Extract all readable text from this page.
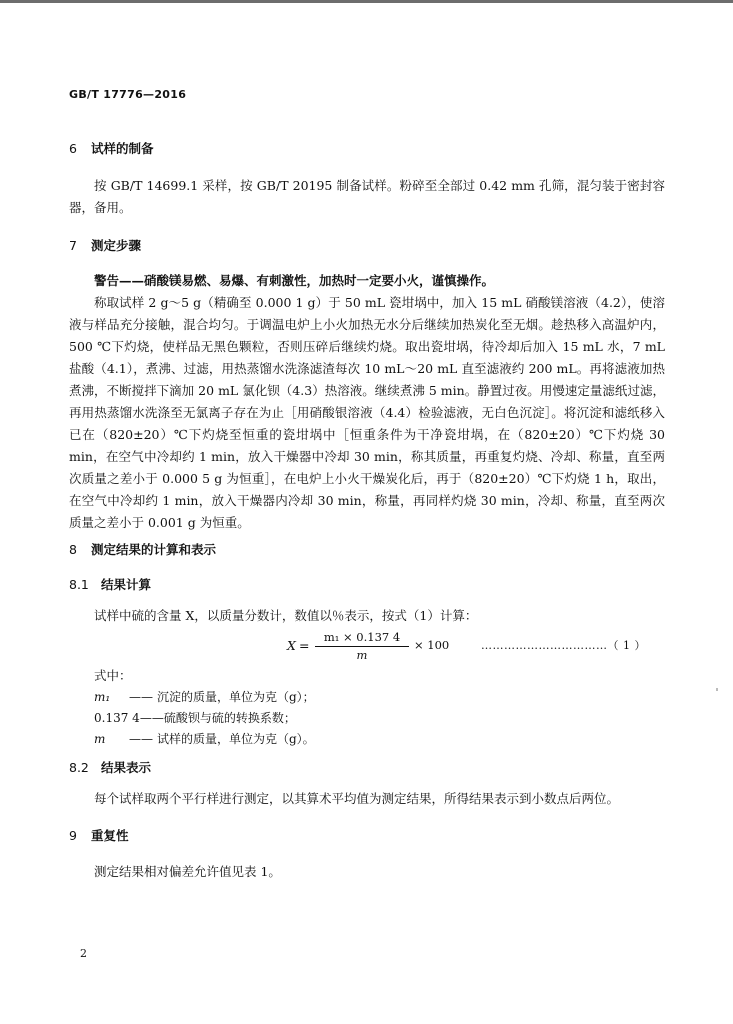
GB/T 17776—2016
6 试样的制备
按 GB/T 14699.1 采样，按 GB/T 20195 制备试样。粉碎至全部过 0.42 mm 孔筛，混匀装于密封容器，备用。
7 测定步骤
警告——硝酸镁易燃、易爆、有刺激性，加热时一定要小火，谨慎操作。
称取试样 2 g～5 g（精确至 0.000 1 g）于 50 mL 瓷坩埚中，加入 15 mL 硝酸镁溶液（4.2），使溶液与样品充分接触，混合均匀。于调温电炉上小火加热无水分后继续加热炭化至无烟。趁热移入高温炉内，500 ℃下灼烧，使样品无黑色颗粒，否则压碎后继续灼烧。取出瓷坩埚，待冷却后加入 15 mL 水，7 mL 盐酸（4.1），煮沸、过滤，用热蒸馏水洗涤滤渣每次 10 mL～20 mL 直至滤液约 200 mL。再将滤液加热煮沸，不断搅拌下滴加 20 mL 氯化钡（4.3）热溶液。继续煮沸 5 min。静置过夜。用慢速定量滤纸过滤，再用热蒸馏水洗涤至无氯离子存在为止［用硝酸银溶液（4.4）检验滤液，无白色沉淀］。将沉淀和滤纸移入已在（820±20）℃下灼烧至恒重的瓷坩埚中［恒重条件为干净瓷坩埚，在（820±20）℃下灼烧 30 min，在空气中冷却约 1 min，放入干燥器中冷却 30 min，称其质量，再重复灼烧、冷却、称量，直至两次质量之差小于 0.000 5 g 为恒重］，在电炉上小火干燥炭化后，再于（820±20）℃下灼烧 1 h，取出，在空气中冷却约 1 min，放入干燥器内冷却 30 min，称量，再同样灼烧 30 min，冷却、称量，直至两次质量之差小于 0.001 g 为恒重。
8 测定结果的计算和表示
8.1 结果计算
试样中硫的含量 X，以质量分数计，数值以％表示，按式（1）计算：
X =
m₁ × 0.137 4
m
× 100	……………………………（ 1 ）
式中：
m₁ —— 沉淀的质量，单位为克（g）；
0.137 4——硫酸钡与硫的转换系数；
m —— 试样的质量，单位为克（g）。
8.2 结果表示
每个试样取两个平行样进行测定，以其算术平均值为测定结果，所得结果表示到小数点后两位。
9 重复性
测定结果相对偏差允许值见表 1。
2
